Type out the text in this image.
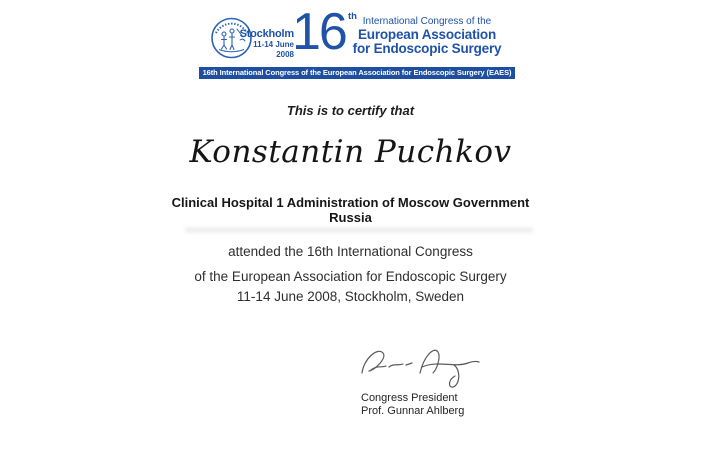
Stockholm
11-14 June
2008
16 th International Congress of the
European Association
for Endoscopic Surgery
16th International Congress of the European Association for Endoscopic Surgery (EAES)
This is to certify that
Konstantin Puchkov
Clinical Hospital 1 Administration of Moscow Government
Russia
attended the 16th International Congress
of the European Association for Endoscopic Surgery
11-14 June 2008, Stockholm, Sweden
Congress President
Prof. Gunnar Ahlberg
